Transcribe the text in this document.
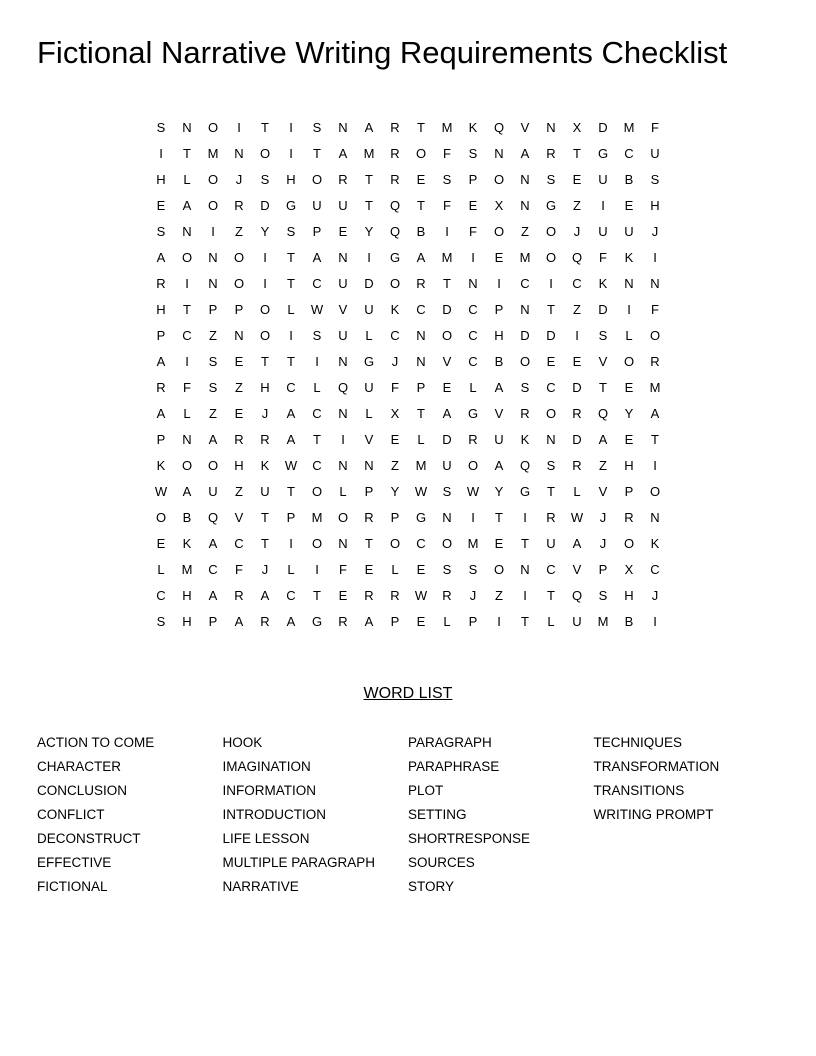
Fictional Narrative Writing Requirements Checklist
S	N	O	I	T	I	S	N	A	R	T	M	K	Q	V	N	X	D	M	F
I	T	M	N	O	I	T	A	M	R	O	F	S	N	A	R	T	G	C	U
H	L	O	J	S	H	O	R	T	R	E	S	P	O	N	S	E	U	B	S
E	A	O	R	D	G	U	U	T	Q	T	F	E	X	N	G	Z	I	E	H
S	N	I	Z	Y	S	P	E	Y	Q	B	I	F	O	Z	O	J	U	U	J
A	O	N	O	I	T	A	N	I	G	A	M	I	E	M	O	Q	F	K	I
R	I	N	O	I	T	C	U	D	O	R	T	N	I	C	I	C	K	N	N
H	T	P	P	O	L	W	V	U	K	C	D	C	P	N	T	Z	D	I	F
P	C	Z	N	O	I	S	U	L	C	N	O	C	H	D	D	I	S	L	O
A	I	S	E	T	T	I	N	G	J	N	V	C	B	O	E	E	V	O	R
R	F	S	Z	H	C	L	Q	U	F	P	E	L	A	S	C	D	T	E	M
A	L	Z	E	J	A	C	N	L	X	T	A	G	V	R	O	R	Q	Y	A
P	N	A	R	R	A	T	I	V	E	L	D	R	U	K	N	D	A	E	T
K	O	O	H	K	W	C	N	N	Z	M	U	O	A	Q	S	R	Z	H	I
W	A	U	Z	U	T	O	L	P	Y	W	S	W	Y	G	T	L	V	P	O
O	B	Q	V	T	P	M	O	R	P	G	N	I	T	I	R	W	J	R	N
E	K	A	C	T	I	O	N	T	O	C	O	M	E	T	U	A	J	O	K
L	M	C	F	J	L	I	F	E	L	E	S	S	O	N	C	V	P	X	C
C	H	A	R	A	C	T	E	R	R	W	R	J	Z	I	T	Q	S	H	J
S	H	P	A	R	A	G	R	A	P	E	L	P	I	T	L	U	M	B	I
WORD LIST
ACTION TO COME
CHARACTER
CONCLUSION
CONFLICT
DECONSTRUCT
EFFECTIVE
FICTIONAL
HOOK
IMAGINATION
INFORMATION
INTRODUCTION
LIFE LESSON
MULTIPLE PARAGRAPH
NARRATIVE
PARAGRAPH
PARAPHRASE
PLOT
SETTING
SHORTRESPONSE
SOURCES
STORY
TECHNIQUES
TRANSFORMATION
TRANSITIONS
WRITING PROMPT
